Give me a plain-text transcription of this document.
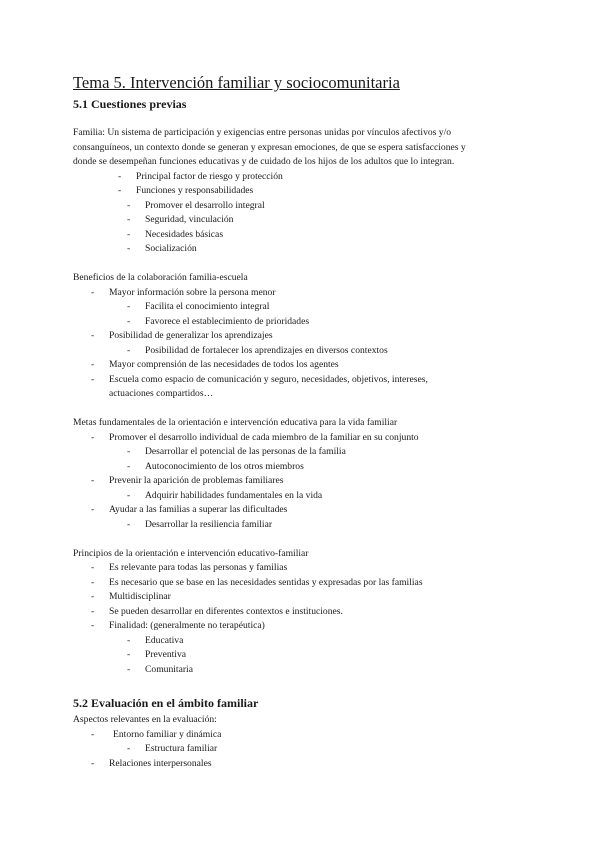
Tema 5. Intervención familiar y sociocomunitaria
5.1 Cuestiones previas
Familia: Un sistema de participación y exigencias entre personas unidas por vínculos afectivos y/o
consanguíneos, un contexto donde se generan y expresan emociones, de que se espera satisfacciones y
donde se desempeñan funciones educativas y de cuidado de los hijos de los adultos que lo integran.
- Principal factor de riesgo y protección
- Funciones y responsabilidades
- Promover el desarrollo integral
- Seguridad, vinculación
- Necesidades básicas
- Socialización
Beneficios de la colaboración familia-escuela
- Mayor información sobre la persona menor
- Facilita el conocimiento integral
- Favorece el establecimiento de prioridades
- Posibilidad de generalizar los aprendizajes
- Posibilidad de fortalecer los aprendizajes en diversos contextos
- Mayor comprensión de las necesidades de todos los agentes
- Escuela como espacio de comunicación y seguro, necesidades, objetivos, intereses,
actuaciones compartidos…
Metas fundamentales de la orientación e intervención educativa para la vida familiar
- Promover el desarrollo individual de cada miembro de la familiar en su conjunto
- Desarrollar el potencial de las personas de la familia
- Autoconocimiento de los otros miembros
- Prevenir la aparición de problemas familiares
- Adquirir habilidades fundamentales en la vida
- Ayudar a las familias a superar las dificultades
- Desarrollar la resiliencia familiar
Principios de la orientación e intervención educativo-familiar
- Es relevante para todas las personas y familias
- Es necesario que se base en las necesidades sentidas y expresadas por las familias
- Multidisciplinar
- Se pueden desarrollar en diferentes contextos e instituciones.
- Finalidad: (generalmente no terapéutica)
- Educativa
- Preventiva
- Comunitaria
5.2 Evaluación en el ámbito familiar
Aspectos relevantes en la evaluación:
- Entorno familiar y dinámica
- Estructura familiar
- Relaciones interpersonales
